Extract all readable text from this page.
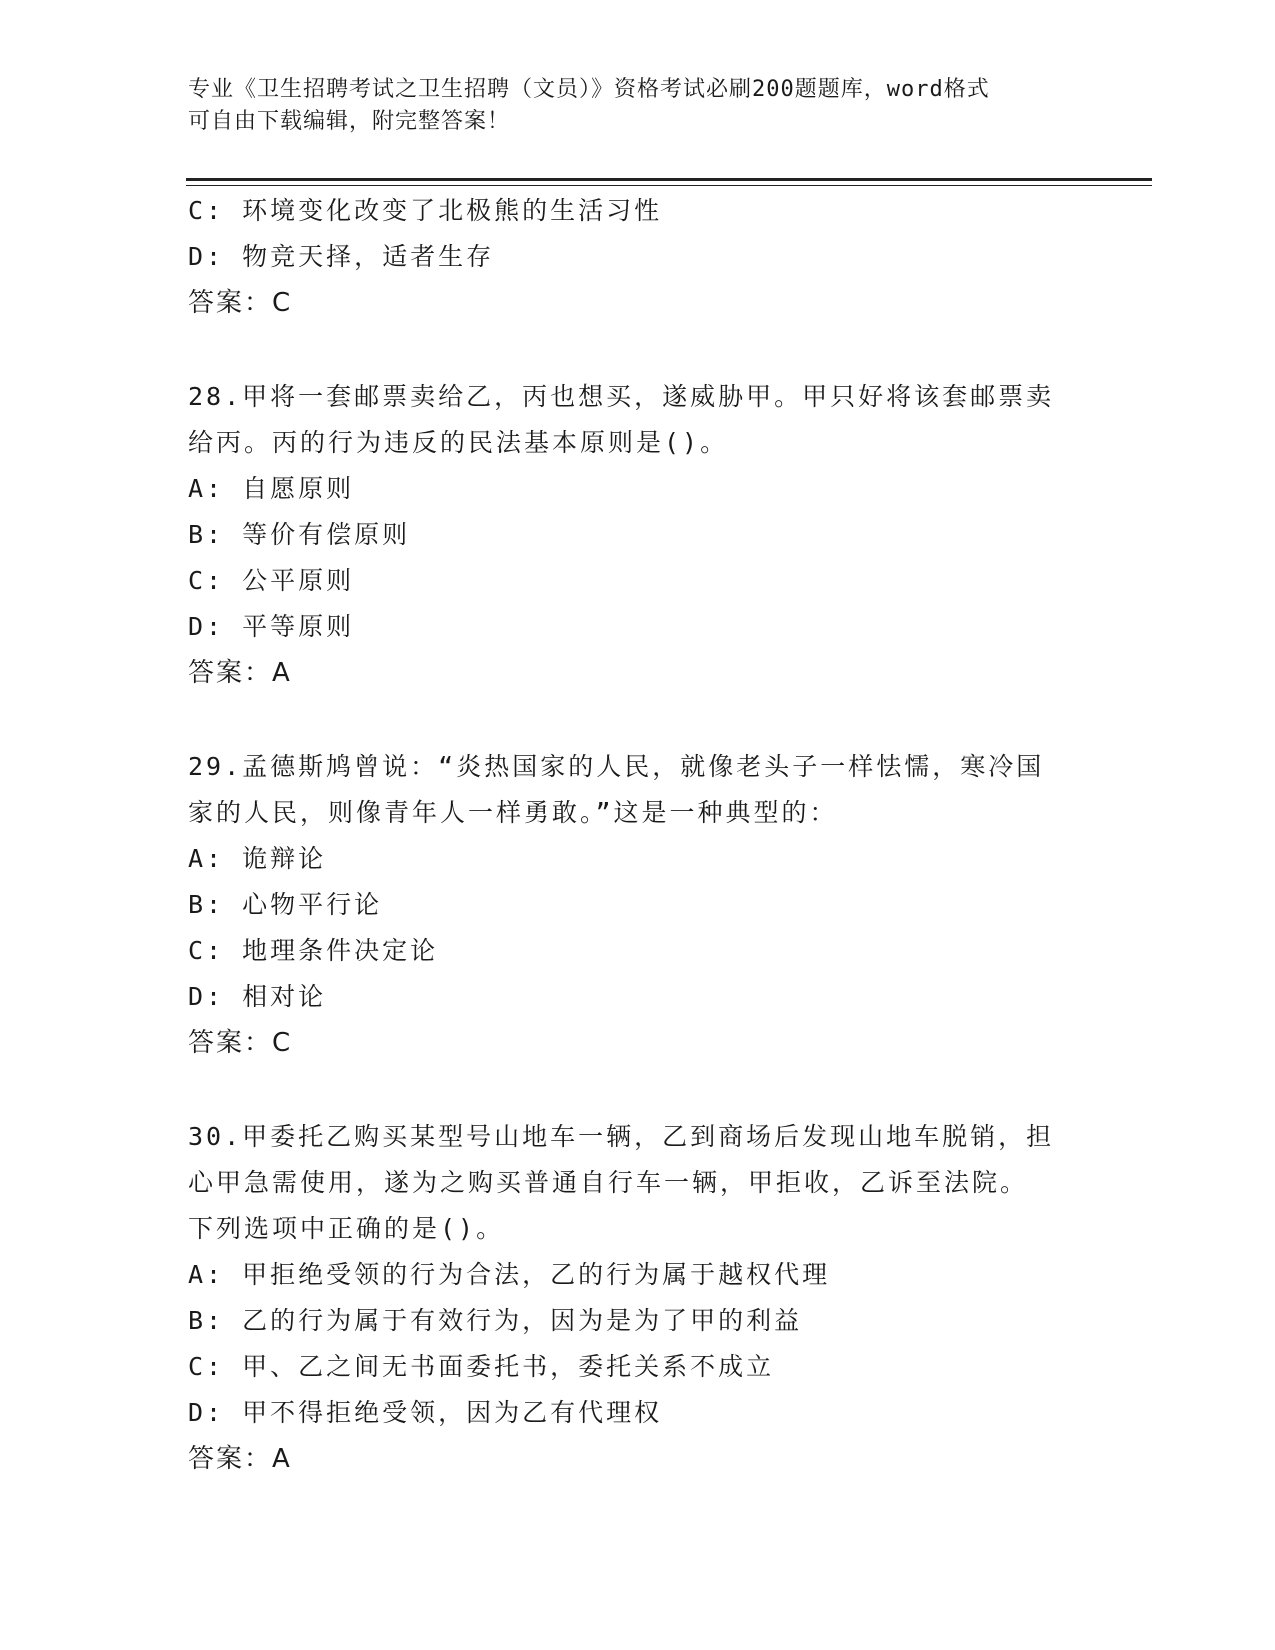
专业《卫生招聘考试之卫生招聘（文员）》资格考试必刷200题题库，word格式
可自由下载编辑，附完整答案！
C: 环境变化改变了北极熊的生活习性
D: 物竞天择，适者生存
答案：C
28.甲将一套邮票卖给乙，丙也想买，遂威胁甲。甲只好将该套邮票卖
给丙。丙的行为违反的民法基本原则是()。
A: 自愿原则
B: 等价有偿原则
C: 公平原则
D: 平等原则
答案：A
29.孟德斯鸠曾说：“炎热国家的人民，就像老头子一样怯懦，寒冷国
家的人民，则像青年人一样勇敢。”这是一种典型的：
A: 诡辩论
B: 心物平行论
C: 地理条件决定论
D: 相对论
答案：C
30.甲委托乙购买某型号山地车一辆，乙到商场后发现山地车脱销，担
心甲急需使用，遂为之购买普通自行车一辆，甲拒收，乙诉至法院。
下列选项中正确的是()。
A: 甲拒绝受领的行为合法，乙的行为属于越权代理
B: 乙的行为属于有效行为，因为是为了甲的利益
C: 甲、乙之间无书面委托书，委托关系不成立
D: 甲不得拒绝受领，因为乙有代理权
答案：A
